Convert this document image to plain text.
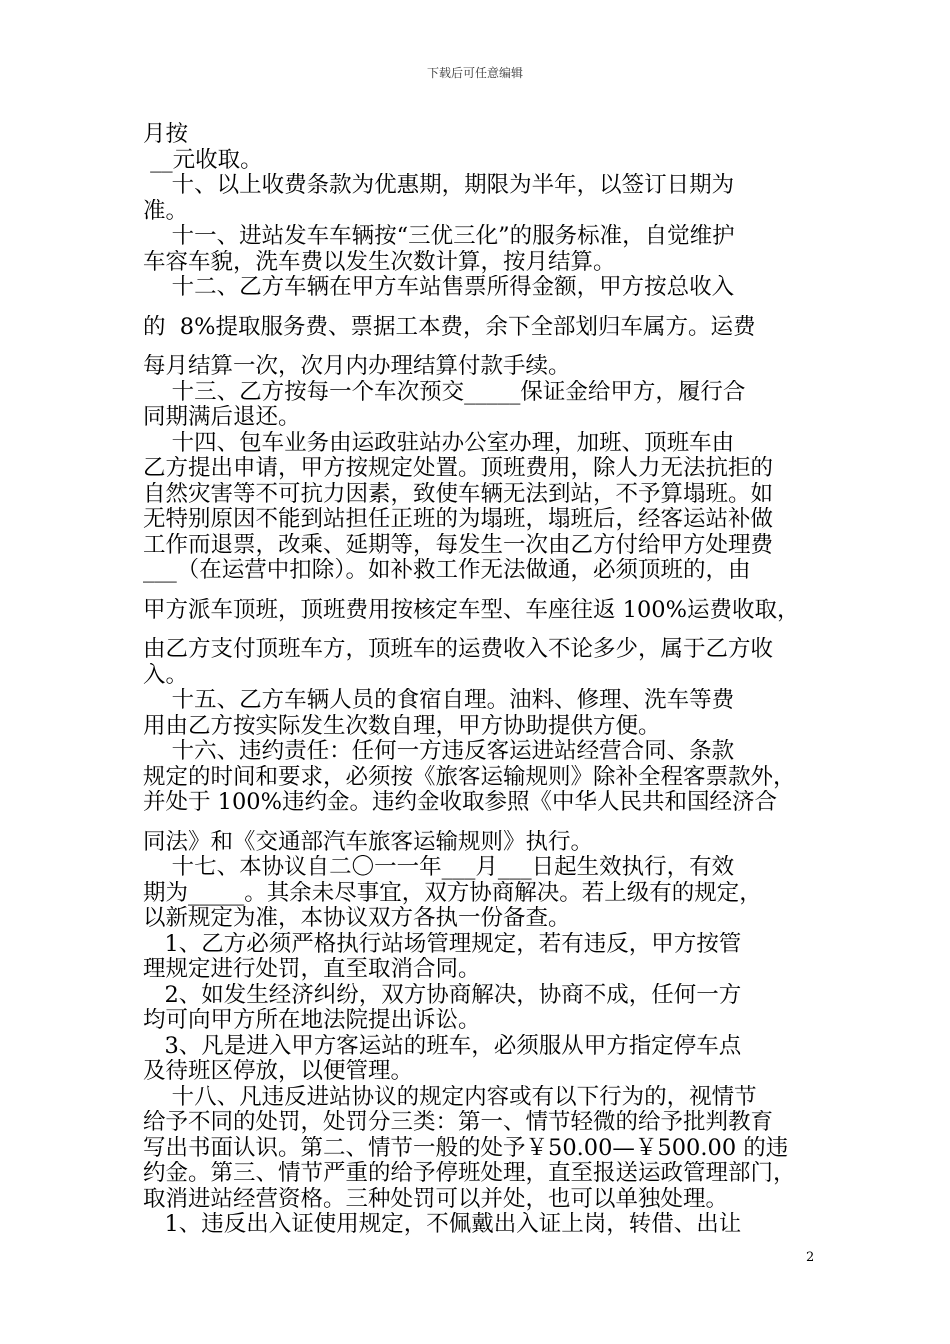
下载后可任意编辑
月按
__元收取。
十、以上收费条款为优惠期，期限为半年，以签订日期为
准。
十一、进站发车车辆按“三优三化”的服务标准，自觉维护
车容车貌，洗车费以发生次数计算，按月结算。
十二、乙方车辆在甲方车站售票所得金额，甲方按总收入
的  8%提取服务费、票据工本费，余下全部划归车属方。运费
每月结算一次，次月内办理结算付款手续。
十三、乙方按每一个车次预交_____保证金给甲方，履行合
同期满后退还。
十四、包车业务由运政驻站办公室办理，加班、顶班车由
乙方提出申请，甲方按规定处置。顶班费用，除人力无法抗拒的
自然灾害等不可抗力因素，致使车辆无法到站，不予算塌班。如
无特别原因不能到站担任正班的为塌班，塌班后，经客运站补做
工作而退票，改乘、延期等，每发生一次由乙方付给甲方处理费
___（在运营中扣除）。如补救工作无法做通，必须顶班的，由
甲方派车顶班，顶班费用按核定车型、车座往返 100%运费收取，
由乙方支付顶班车方，顶班车的运费收入不论多少，属于乙方收
入。
十五、乙方车辆人员的食宿自理。油料、修理、洗车等费
用由乙方按实际发生次数自理，甲方协助提供方便。
十六、违约责任：任何一方违反客运进站经营合同、条款
规定的时间和要求，必须按《旅客运输规则》除补全程客票款外，
并处于 100%违约金。违约金收取参照《中华人民共和国经济合
同法》和《交通部汽车旅客运输规则》执行。
十七、本协议自二〇一一年___月___日起生效执行，有效
期为_____。其余未尽事宜，双方协商解决。若上级有的规定，
以新规定为准，本协议双方各执一份备查。
1、乙方必须严格执行站场管理规定，若有违反，甲方按管
理规定进行处罚，直至取消合同。
2、如发生经济纠纷，双方协商解决，协商不成，任何一方
均可向甲方所在地法院提出诉讼。
3、凡是进入甲方客运站的班车，必须服从甲方指定停车点
及待班区停放，以便管理。
十八、凡违反进站协议的规定内容或有以下行为的，视情节
给予不同的处罚，处罚分三类：第一、情节轻微的给予批判教育
写出书面认识。第二、情节一般的处予￥50.00—￥500.00 的违
约金。第三、情节严重的给予停班处理，直至报送运政管理部门，
取消进站经营资格。三种处罚可以并处，也可以单独处理。
1、违反出入证使用规定，不佩戴出入证上岗，转借、出让
2
